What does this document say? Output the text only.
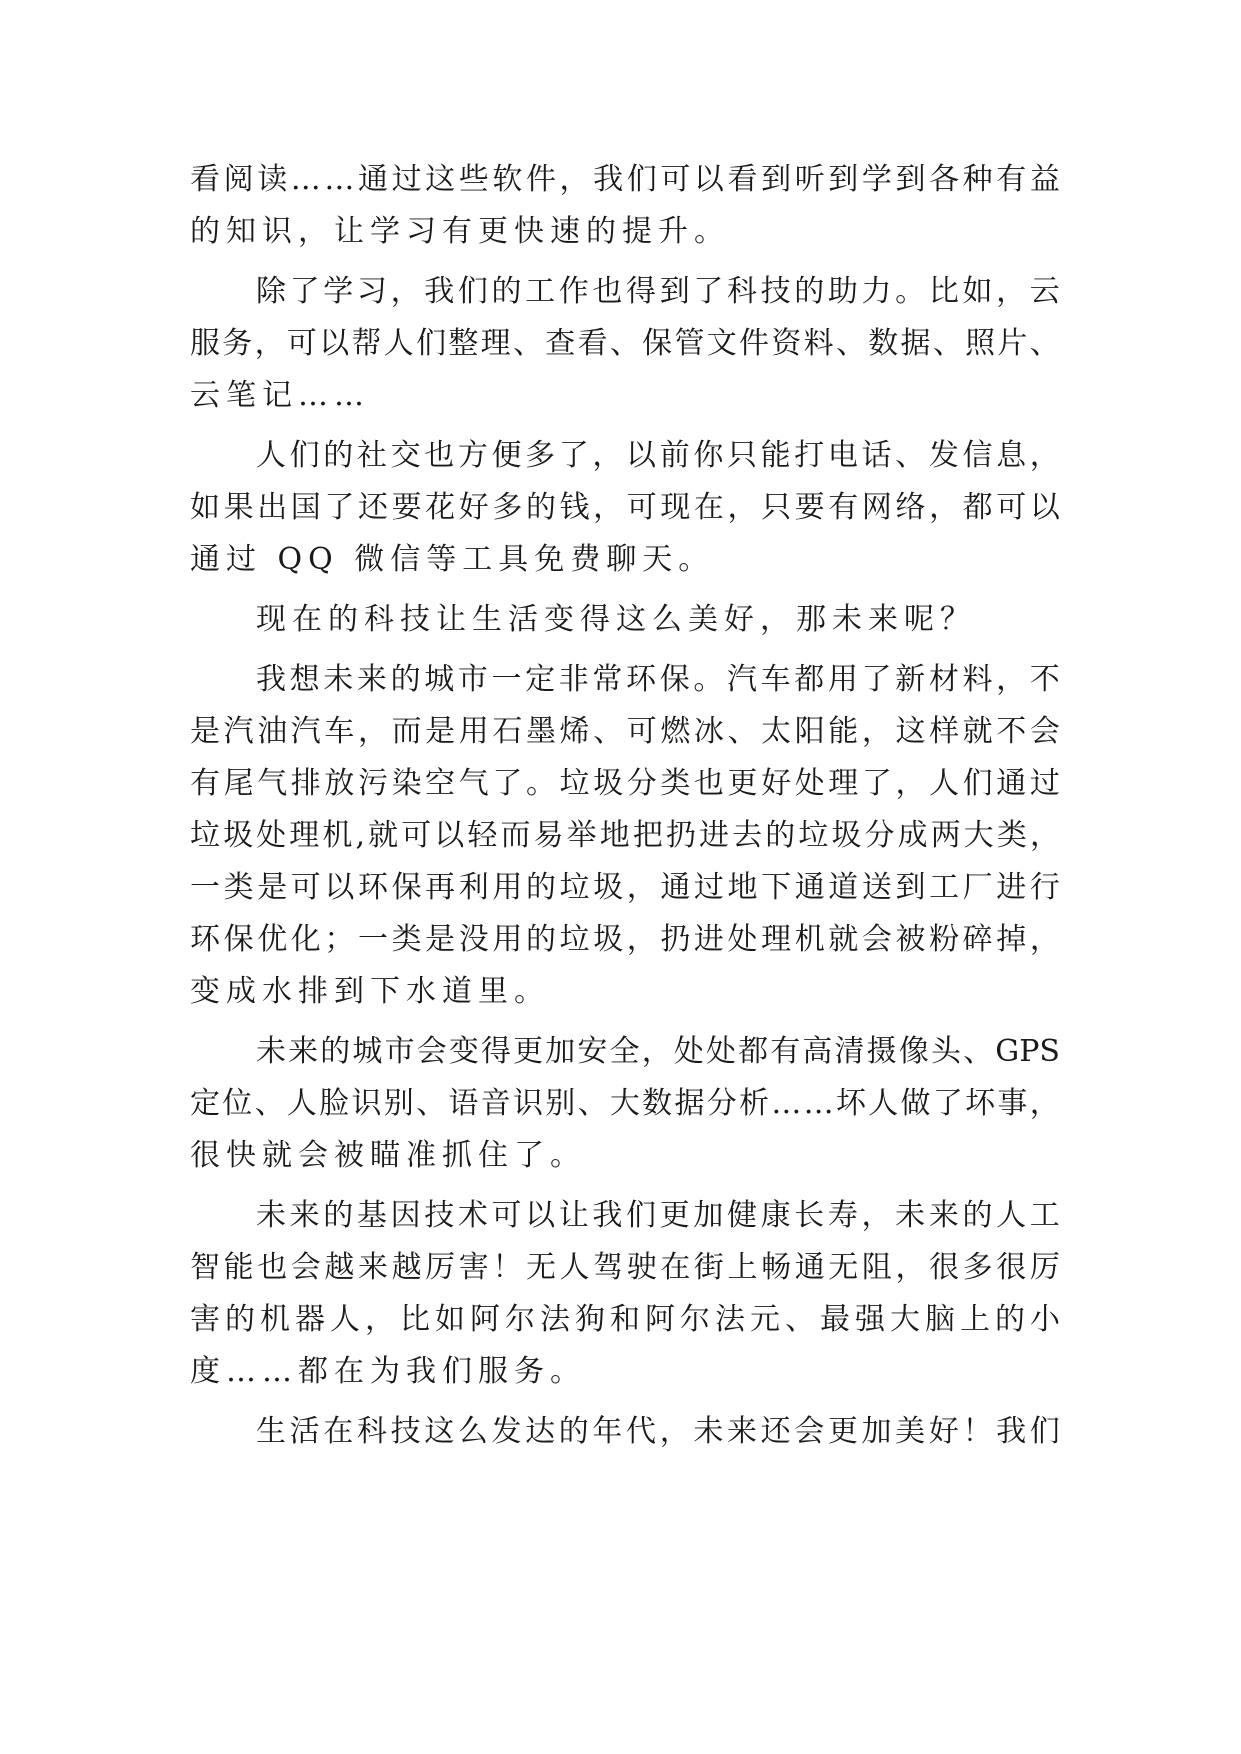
看 阅 读 … … 通 过 这 些 软 件 ， 我 们 可 以 看 到 听 到 学 到 各 种 有 益
的知识，让学习有更快速的提升。
除 了 学 习 ， 我 们 的 工 作 也 得 到 了 科 技 的 助 力 。 比 如 ， 云
服 务 ， 可 以 帮 人 们 整 理 、 查 看 、 保 管 文 件 资 料 、 数 据 、 照 片 、
云笔记……
人 们 的 社 交 也 方 便 多 了 ， 以 前 你 只 能 打 电 话 、 发 信 息 ，
如 果 出 国 了 还 要 花 好 多 的 钱 ， 可 现 在 ， 只 要 有 网 络 ， 都 可 以
通过 QQ 微信等工具免费聊天。
现在的科技让生活变得这么美好，那未来呢？
我 想 未 来 的 城 市 一 定 非 常 环 保 。 汽 车 都 用 了 新 材 料 ， 不
是 汽 油 汽 车 ， 而 是 用 石 墨 烯 、 可 燃 冰 、 太 阳 能 ， 这 样 就 不 会
有 尾 气 排 放 污 染 空 气 了 。 垃 圾 分 类 也 更 好 处 理 了 ， 人 们 通 过
垃 圾 处 理 机 , 就 可 以 轻 而 易 举 地 把 扔 进 去 的 垃 圾 分 成 两 大 类 ，
一 类 是 可 以 环 保 再 利 用 的 垃 圾 ， 通 过 地 下 通 道 送 到 工 厂 进 行
环 保 优 化 ； 一 类 是 没 用 的 垃 圾 ， 扔 进 处 理 机 就 会 被 粉 碎 掉 ，
变成水排到下水道里。
未 来 的 城 市 会 变 得 更 加 安 全 ， 处 处 都 有 高 清 摄 像 头 、 GPS
定 位 、 人 脸 识 别 、 语 音 识 别 、 大 数 据 分 析 … … 坏 人 做 了 坏 事 ，
很快就会被瞄准抓住了。
未 来 的 基 因 技 术 可 以 让 我 们 更 加 健 康 长 寿 ， 未 来 的 人 工
智 能 也 会 越 来 越 厉 害 ！ 无 人 驾 驶 在 街 上 畅 通 无 阻 ， 很 多 很 厉
害 的 机 器 人 ， 比 如 阿 尔 法 狗 和 阿 尔 法 元 、 最 强 大 脑 上 的 小
度……都在为我们服务。
生 活 在 科 技 这 么 发 达 的 年 代 ， 未 来 还 会 更 加 美 好 ！ 我 们
